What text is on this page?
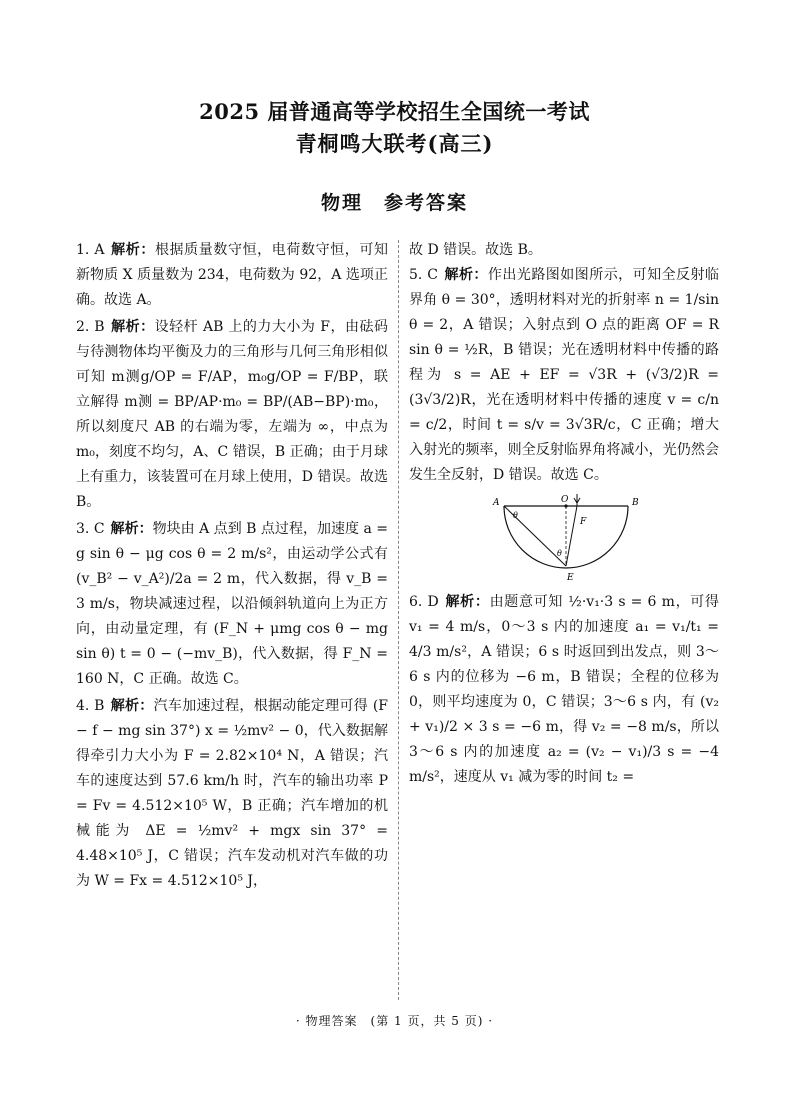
2025 届普通高等学校招生全国统一考试
青桐鸣大联考(高三)
物理　参考答案

1. A 解析：根据质量数守恒，电荷数守恒，可知新物质 X 质量数为 234，电荷数为 92，A 选项正确。故选 A。

2. B 解析：设轻杆 AB 上的力大小为 F，由砝码与待测物体均平衡及力的三角形与几何三角形相似可知 m测g/OP = F/AP，m₀g/OP = F/BP，联立解得 m测 = BP/AP·m₀ = BP/(AB−BP)·m₀，所以刻度尺 AB 的右端为零，左端为 ∞，中点为 m₀，刻度不均匀，A、C 错误，B 正确；由于月球上有重力，该装置可在月球上使用，D 错误。故选 B。

3. C 解析：物块由 A 点到 B 点过程，加速度 a = g sin θ − μg cos θ = 2 m/s²，由运动学公式有 (v_B² − v_A²)/2a = 2 m，代入数据，得 v_B = 3 m/s，物块减速过程，以沿倾斜轨道向上为正方向，由动量定理，有 (F_N + μmg cos θ − mg sin θ) t = 0 − (−mv_B)，代入数据，得 F_N = 160 N，C 正确。故选 C。

4. B 解析：汽车加速过程，根据动能定理可得 (F − f − mg sin 37°) x = ½mv² − 0，代入数据解得牵引力大小为 F = 2.82×10⁴ N，A 错误；汽车的速度达到 57.6 km/h 时，汽车的输出功率 P = Fv = 4.512×10⁵ W，B 正确；汽车增加的机械能为 ΔE = ½mv² + mgx sin 37° = 4.48×10⁵ J，C 错误；汽车发动机对汽车做的功为 W = Fx = 4.512×10⁵ J，

故 D 错误。故选 B。

5. C 解析：作出光路图如图所示，可知全反射临界角 θ = 30°，透明材料对光的折射率 n = 1/sin θ = 2，A 错误；入射点到 O 点的距离 OF = R sin θ = ½R，B 错误；光在透明材料中传播的路程为 s = AE + EF = √3R + (√3/2)R = (3√3/2)R，光在透明材料中传播的速度 v = c/n = c/2，时间 t = s/v = 3√3R/c，C 正确；增大入射光的频率，则全反射临界角将减小，光仍然会发生全反射，D 错误。故选 C。

A	O	B
F
E
θ
θ

6. D 解析：由题意可知 ½·v₁·3 s = 6 m，可得 v₁ = 4 m/s，0～3 s 内的加速度 a₁ = v₁/t₁ = 4/3 m/s²，A 错误；6 s 时返回到出发点，则 3～6 s 内的位移为 −6 m，B 错误；全程的位移为 0，则平均速度为 0，C 错误；3～6 s 内，有 (v₂ + v₁)/2 × 3 s = −6 m，得 v₂ = −8 m/s，所以 3～6 s 内的加速度 a₂ = (v₂ − v₁)/3 s = −4 m/s²，速度从 v₁ 减为零的时间 t₂ =

· 物理答案　(第 1 页，共 5 页) ·
